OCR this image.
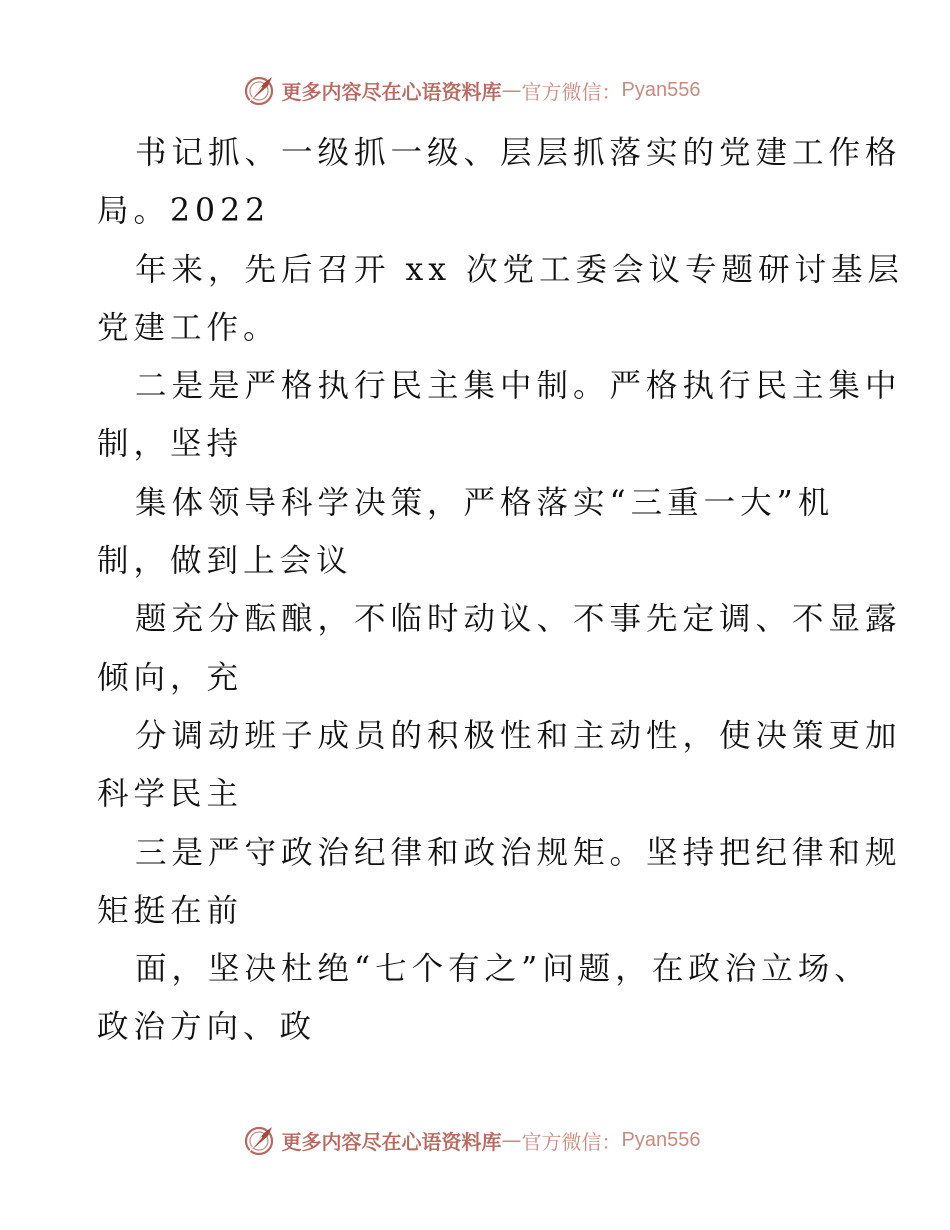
更多内容尽在心语资料库 — 官方微信： Pyan556
书记抓、一级抓一级、层层抓落实的党建工作格
局。2022
年来，先后召开 xx 次党工委会议专题研讨基层
党建工作。
二是是严格执行民主集中制。严格执行民主集中
制，坚持
集体领导科学决策，严格落实“三重一大”机
制，做到上会议
题充分酝酿，不临时动议、不事先定调、不显露
倾向，充
分调动班子成员的积极性和主动性，使决策更加
科学民主
三是严守政治纪律和政治规矩。坚持把纪律和规
矩挺在前
面，坚决杜绝“七个有之”问题，在政治立场、
政治方向、政
更多内容尽在心语资料库 — 官方微信： Pyan556
